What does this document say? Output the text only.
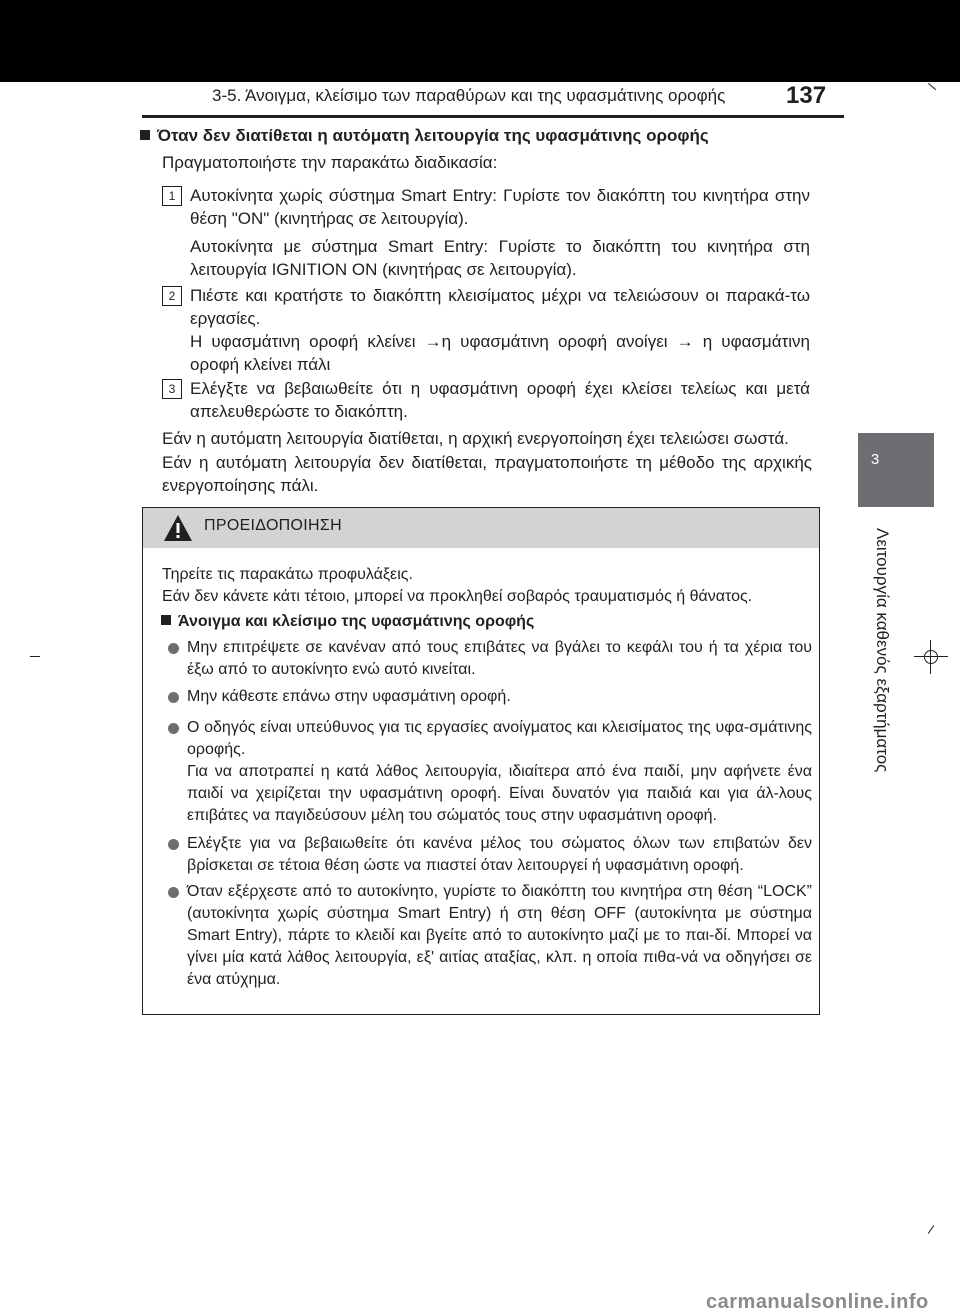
3-5. Άνοιγμα, κλείσιμο των παραθύρων και της υφασμάτινης οροφής	137
3
Λειτουργία καθενός εξαρτήματος
Όταν δεν διατίθεται η αυτόματη λειτουργία της υφασμάτινης οροφής
Πραγματοποιήστε την παρακάτω διαδικασία:
1 Αυτοκίνητα χωρίς σύστημα Smart Entry: Γυρίστε τον διακόπτη του κινητήρα στην θέση "ON" (κινητήρας σε λειτουργία).
Αυτοκίνητα με σύστημα Smart Entry: Γυρίστε το διακόπτη του κινητήρα στη λειτουργία IGNITION ON (κινητήρας σε λειτουργία).
2 Πιέστε και κρατήστε το διακόπτη κλεισίματος μέχρι να τελειώσουν οι παρακά-τω εργασίες.
Η υφασμάτινη οροφή κλείνει →η υφασμάτινη οροφή ανοίγει → η υφασμάτινη οροφή κλείνει πάλι
3 Ελέγξτε να βεβαιωθείτε ότι η υφασμάτινη οροφή έχει κλείσει τελείως και μετά απελευθερώστε το διακόπτη.
Εάν η αυτόματη λειτουργία διατίθεται, η αρχική ενεργοποίηση έχει τελειώσει σωστά.
Εάν η αυτόματη λειτουργία δεν διατίθεται, πραγματοποιήστε τη μέθοδο της αρχικής ενεργοποίησης πάλι.
ΠΡΟΕΙΔΟΠΟΙΗΣΗ
Τηρείτε τις παρακάτω προφυλάξεις.
Εάν δεν κάνετε κάτι τέτοιο, μπορεί να προκληθεί σοβαρός τραυματισμός ή θάνατος.
Άνοιγμα και κλείσιμο της υφασμάτινης οροφής
Μην επιτρέψετε σε κανέναν από τους επιβάτες να βγάλει το κεφάλι του ή τα χέρια του έξω από το αυτοκίνητο ενώ αυτό κινείται.
Μην κάθεστε επάνω στην υφασμάτινη οροφή.
Ο οδηγός είναι υπεύθυνος για τις εργασίες ανοίγματος και κλεισίματος της υφα-σμάτινης οροφής.
Για να αποτραπεί η κατά λάθος λειτουργία, ιδιαίτερα από ένα παιδί, μην αφήνετε ένα παιδί να χειρίζεται την υφασμάτινη οροφή. Είναι δυνατόν για παιδιά και για άλ-λους επιβάτες να παγιδεύσουν μέλη του σώματός τους στην υφασμάτινη οροφή.
Ελέγξτε για να βεβαιωθείτε ότι κανένα μέλος του σώματος όλων των επιβατών δεν βρίσκεται σε τέτοια θέση ώστε να πιαστεί όταν λειτουργεί ή υφασμάτινη οροφή.
Όταν εξέρχεστε από το αυτοκίνητο, γυρίστε το διακόπτη του κινητήρα στη θέση “LOCK” (αυτοκίνητα χωρίς σύστημα Smart Entry) ή στη θέση OFF (αυτοκίνητα με σύστημα Smart Entry), πάρτε το κλειδί και βγείτε από το αυτοκίνητο μαζί με το παι-δί. Μπορεί να γίνει μία κατά λάθος λειτουργία, εξ' αιτίας αταξίας, κλπ. η οποία πιθα-νά να οδηγήσει σε ένα ατύχημα.
carmanualsonline.info
